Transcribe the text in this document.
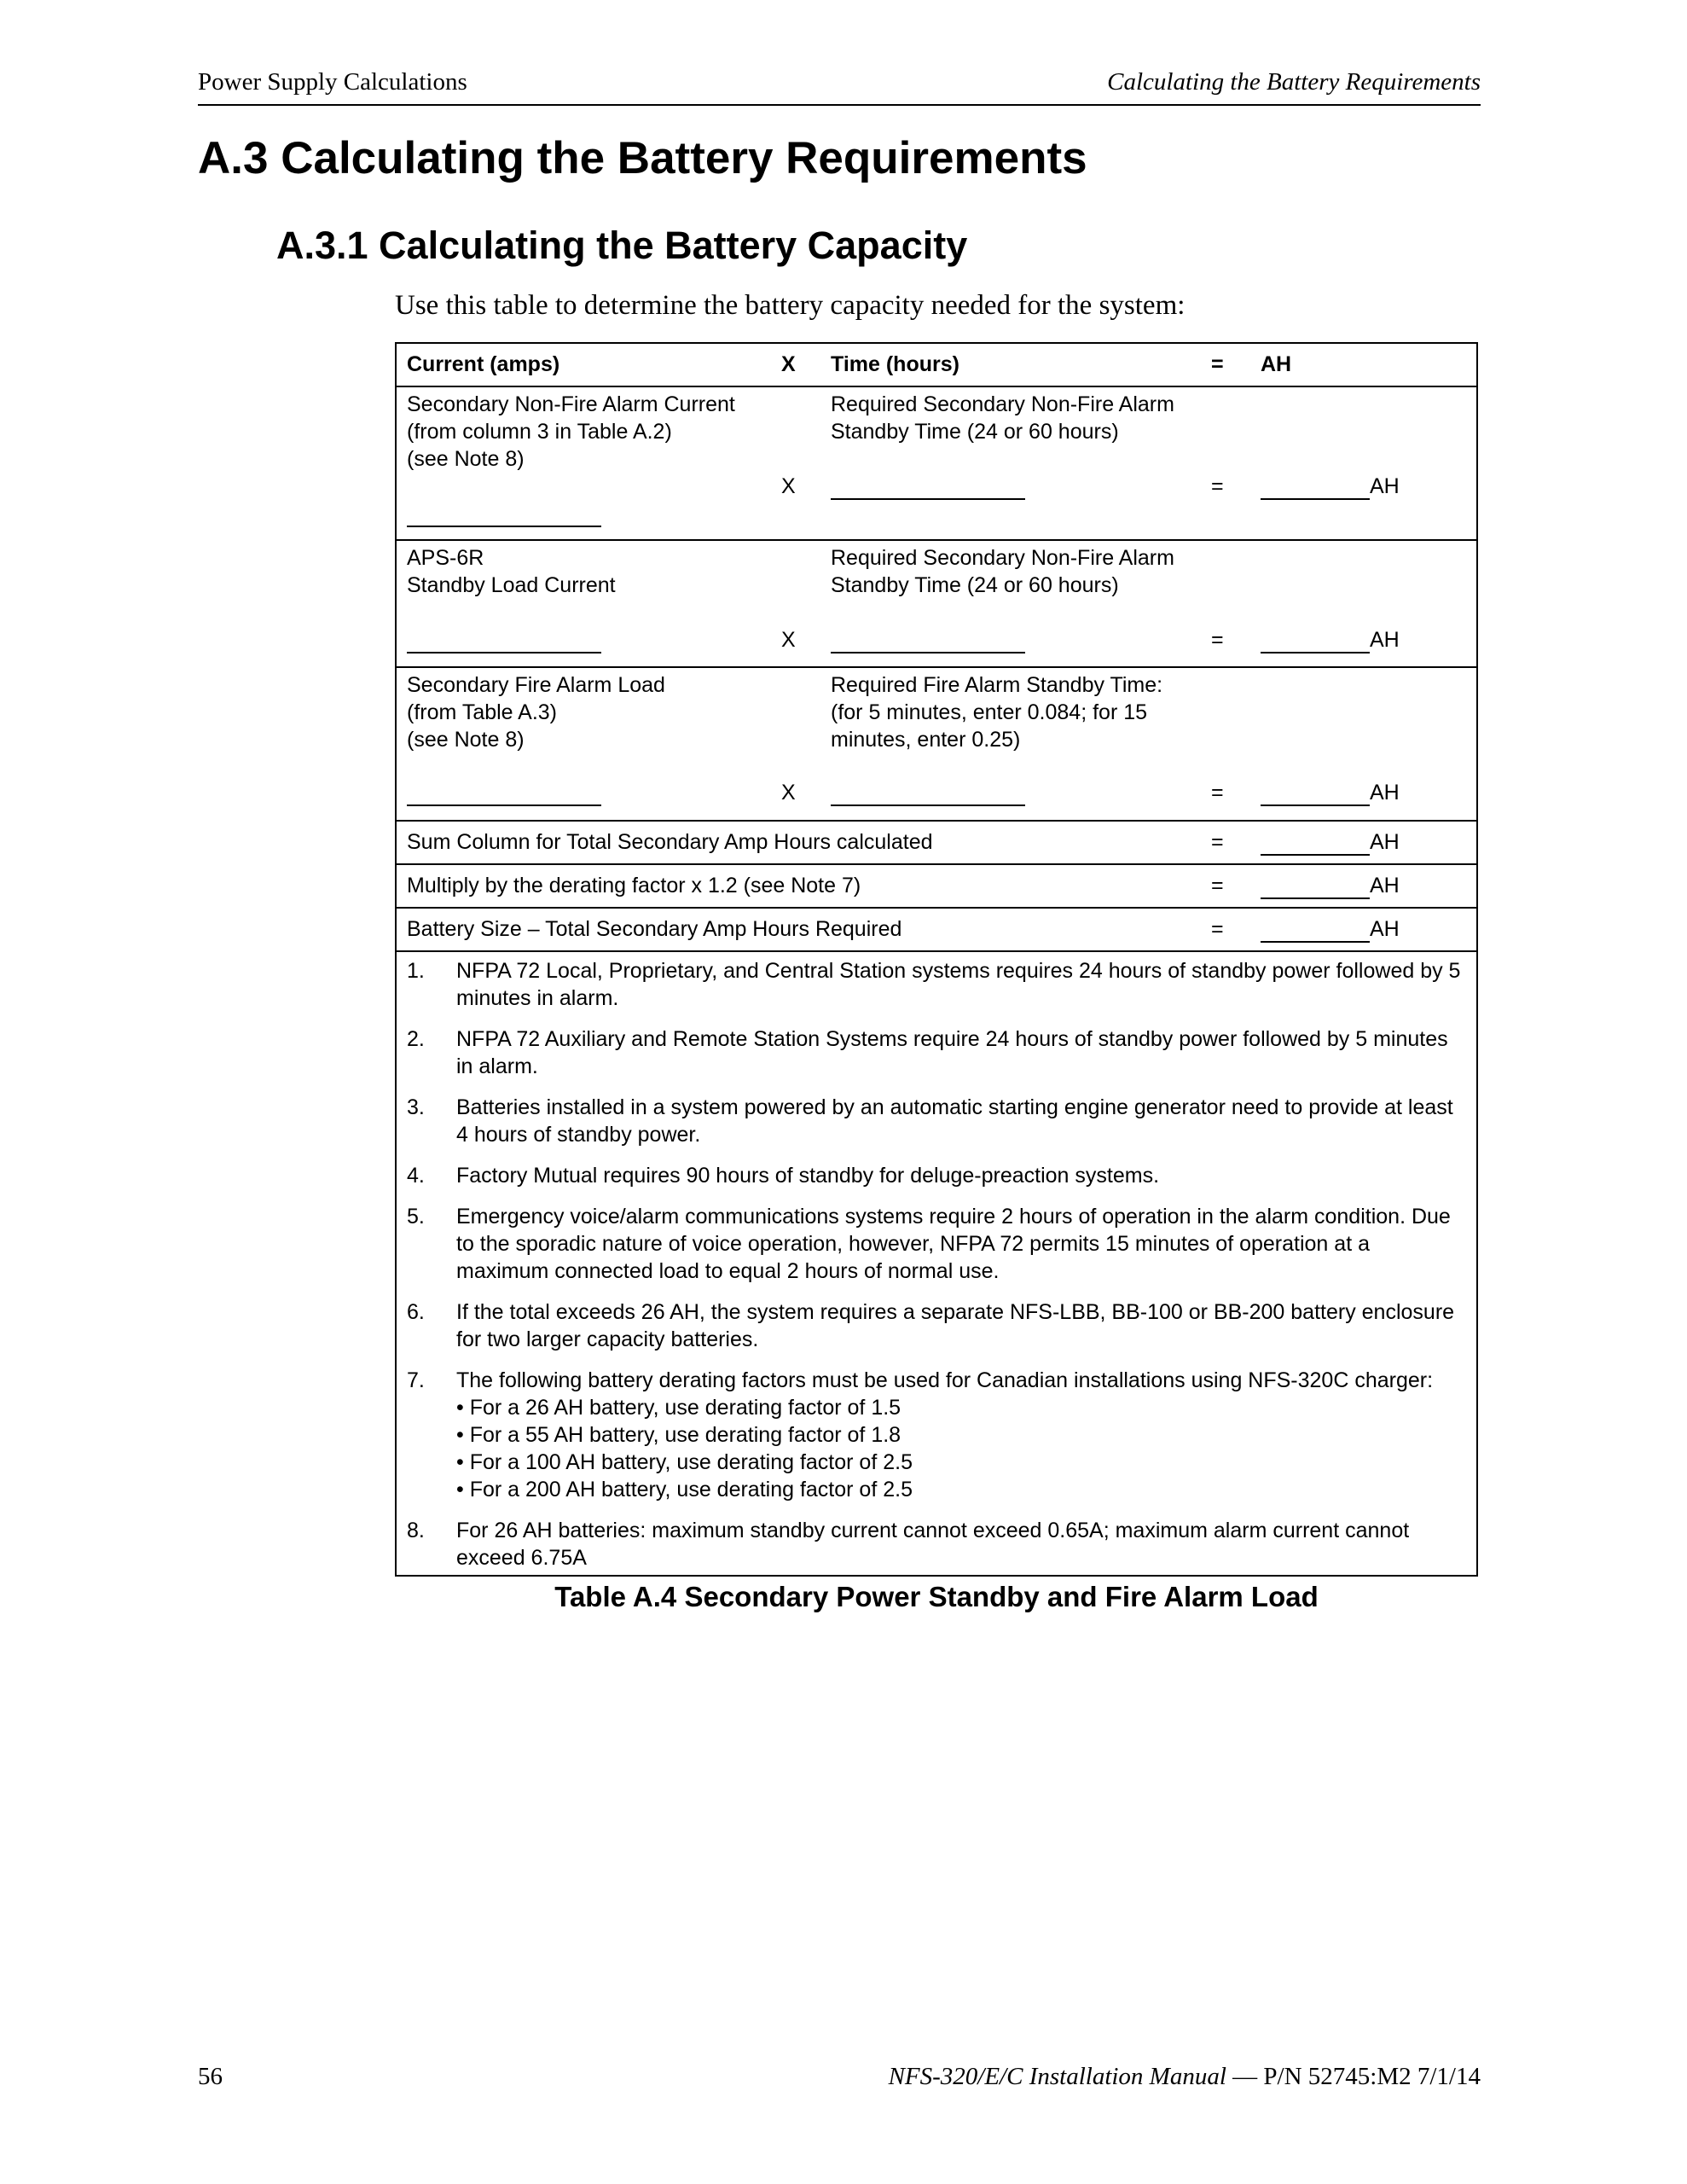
Power Supply Calculations	Calculating the Battery Requirements
A.3 Calculating the Battery Requirements
A.3.1 Calculating the Battery Capacity

Use this table to determine the battery capacity needed for the system:

Current (amps)	X Time (hours)	= AH
Secondary Non-Fire Alarm Current
(from column 3 in Table A.2)
(see Note 8)
Required Secondary Non-Fire Alarm
Standby Time (24 or 60 hours)
X	=	AH
APS-6R
Standby Load Current
Required Secondary Non-Fire Alarm
Standby Time (24 or 60 hours)
X	=	AH
Secondary Fire Alarm Load
(from Table A.3)
(see Note 8)
Required Fire Alarm Standby Time:
(for 5 minutes, enter 0.084; for 15
minutes, enter 0.25)
X	=	AH
Sum Column for Total Secondary Amp Hours calculated	=	AH
Multiply by the derating factor x 1.2 (see Note 7)	=	AH
Battery Size – Total Secondary Amp Hours Required	=	AH
1.	NFPA 72 Local, Proprietary, and Central Station systems requires 24 hours of standby power followed by 5 minutes in alarm.
2.	NFPA 72 Auxiliary and Remote Station Systems require 24 hours of standby power followed by 5 minutes in alarm.
3.	Batteries installed in a system powered by an automatic starting engine generator need to provide at least 4 hours of standby power.
4.	Factory Mutual requires 90 hours of standby for deluge-preaction systems.
5.	Emergency voice/alarm communications systems require 2 hours of operation in the alarm condition. Due to the sporadic nature of voice operation, however, NFPA 72 permits 15 minutes of operation at a maximum connected load to equal 2 hours of normal use.
6.	If the total exceeds 26 AH, the system requires a separate NFS-LBB, BB-100 or BB-200 battery enclosure for two larger capacity batteries.
7.	The following battery derating factors must be used for Canadian installations using NFS-320C charger:
• For a 26 AH battery, use derating factor of 1.5
• For a 55 AH battery, use derating factor of 1.8
• For a 100 AH battery, use derating factor of 2.5
• For a 200 AH battery, use derating factor of 2.5
8.	For 26 AH batteries: maximum standby current cannot exceed 0.65A; maximum alarm current cannot exceed 6.75A

Table A.4 Secondary Power Standby and Fire Alarm Load

56	NFS-320/E/C Installation Manual — P/N 52745:M2 7/1/14
